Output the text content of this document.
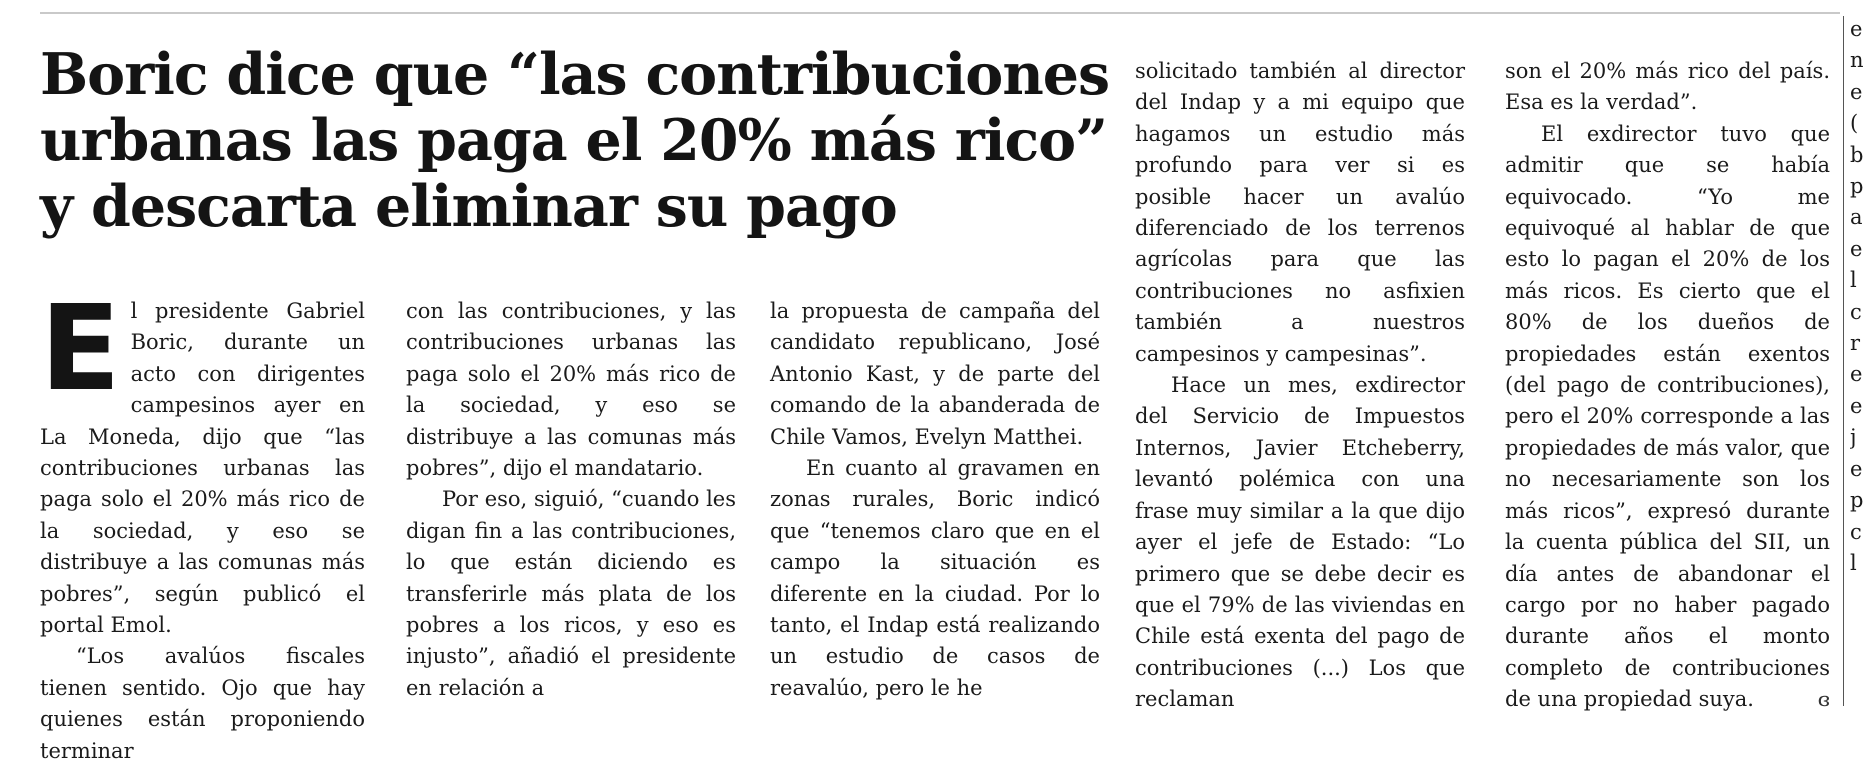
Boric dice que “las contribuciones urbanas las paga el 20% más rico” y descarta eliminar su pago

El presidente Gabriel Boric, durante un acto con dirigentes campesinos ayer en La Moneda, dijo que “las contribuciones urbanas las paga solo el 20% más rico de la sociedad, y eso se distribuye a las comunas más pobres”, según publicó el portal Emol.

“Los avalúos fiscales tienen sentido. Ojo que hay quienes están proponiendo terminar

con las contribuciones, y las contribuciones urbanas las paga solo el 20% más rico de la sociedad, y eso se distribuye a las comunas más pobres”, dijo el mandatario.

Por eso, siguió, “cuando les digan fin a las contribuciones, lo que están diciendo es transferirle más plata de los pobres a los ricos, y eso es injusto”, añadió el presidente en relación a

la propuesta de campaña del candidato republicano, José Antonio Kast, y de parte del comando de la abanderada de Chile Vamos, Evelyn Matthei.

En cuanto al gravamen en zonas rurales, Boric indicó que “tenemos claro que en el campo la situación es diferente en la ciudad. Por lo tanto, el Indap está realizando un estudio de casos de reavalúo, pero le he

solicitado también al director del Indap y a mi equipo que hagamos un estudio más profundo para ver si es posible hacer un avalúo diferenciado de los terrenos agrícolas para que las contribuciones no asfixien también a nuestros campesinos y campesinas”.

Hace un mes, exdirector del Servicio de Impuestos Internos, Javier Etcheberry, levantó polémica con una frase muy similar a la que dijo ayer el jefe de Estado: “Lo primero que se debe decir es que el 79% de las viviendas en Chile está exenta del pago de contribuciones (...) Los que reclaman

son el 20% más rico del país. Esa es la verdad”.

El exdirector tuvo que admitir que se había equivocado. “Yo me equivoqué al hablar de que esto lo pagan el 20% de los más ricos. Es cierto que el 80% de los dueños de propiedades están exentos (del pago de contribuciones), pero el 20% corresponde a las propiedades de más valor, que no necesariamente son los más ricos”, expresó durante la cuenta pública del SII, un día antes de abandonar el cargo por no haber pagado durante años el monto completo de contribuciones de una propiedad suya.	ɞ

e
n
e
(
b
p
a
e
l
c
r
e
e
j
e
p
c
l
